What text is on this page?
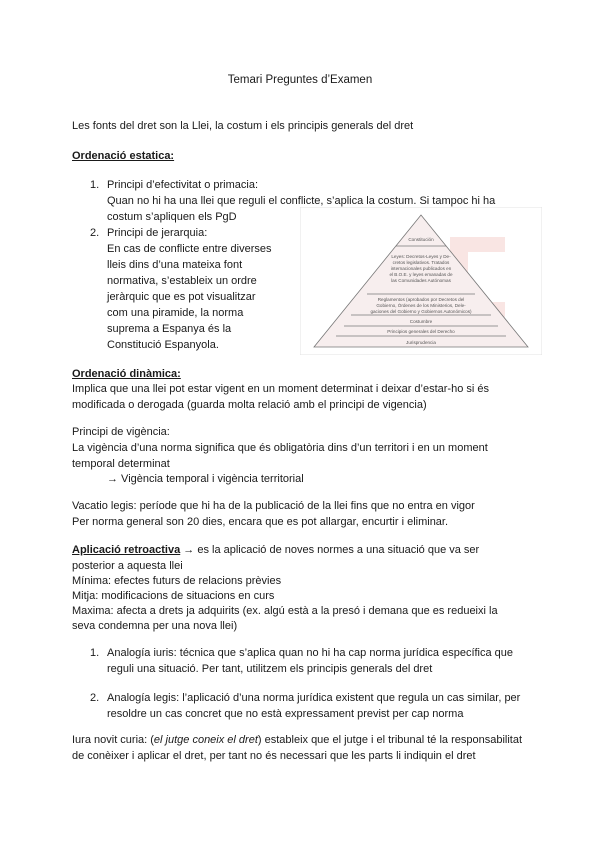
Temari Preguntes d’Examen
Les fonts del dret son la Llei, la costum i els principis generals del dret
Ordenació estatica:
1. Principi d’efectivitat o primacia:
Quan no hi ha una llei que reguli el conflicte, s’aplica la costum. Si tampoc hi ha
costum s’apliquen els PgD
2. Principi de jerarquia:
En cas de conflicte entre diverses
lleis dins d’una mateixa font
normativa, s’estableix un ordre
jeràrquic que es pot visualitzar
com una piramide, la norma
suprema a Espanya és la
Constitució Espanyola.
Constitución
Leyes: Decretos-Leyes y De-
cretos legislativos. Tratados
internacionales publicados en
el B.O.E. y leyes emanadas de
las Comunidades Autónomas
Reglamentos (aprobados por Decretos del
Gobierno, Órdenes de los Ministerios, Dele-
gaciones del Gobierno y Gobiernos Autonómicos)
Costumbre
Principios generales del Derecho
Jurisprudencia
Ordenació dinàmica:
Implica que una llei pot estar vigent en un moment determinat i deixar d’estar-ho si és
modificada o derogada (guarda molta relació amb el principi de vigencia)
Principi de vigència:
La vigència d’una norma significa que és obligatòria dins d’un territori i en un moment
temporal determinat
→ Vigència temporal i vigència territorial
Vacatio legis: període que hi ha de la publicació de la llei fins que no entra en vigor
Per norma general son 20 dies, encara que es pot allargar, encurtir i eliminar.
Aplicació retroactiva → es la aplicació de noves normes a una situació que va ser
posterior a aquesta llei
Mínima: efectes futurs de relacions prèvies
Mitja: modificacions de situacions en curs
Maxima: afecta a drets ja adquirits (ex. algú està a la presó i demana que es redueixi la
seva condemna per una nova llei)
1. Analogía iuris: técnica que s’aplica quan no hi ha cap norma jurídica específica que
reguli una situació. Per tant, utilitzem els principis generals del dret
2. Analogía legis: l’aplicació d’una norma jurídica existent que regula un cas similar, per
resoldre un cas concret que no està expressament previst per cap norma
Iura novit curia: (el jutge coneix el dret) estableix que el jutge i el tribunal té la responsabilitat
de conèixer i aplicar el dret, per tant no és necessari que les parts li indiquin el dret
